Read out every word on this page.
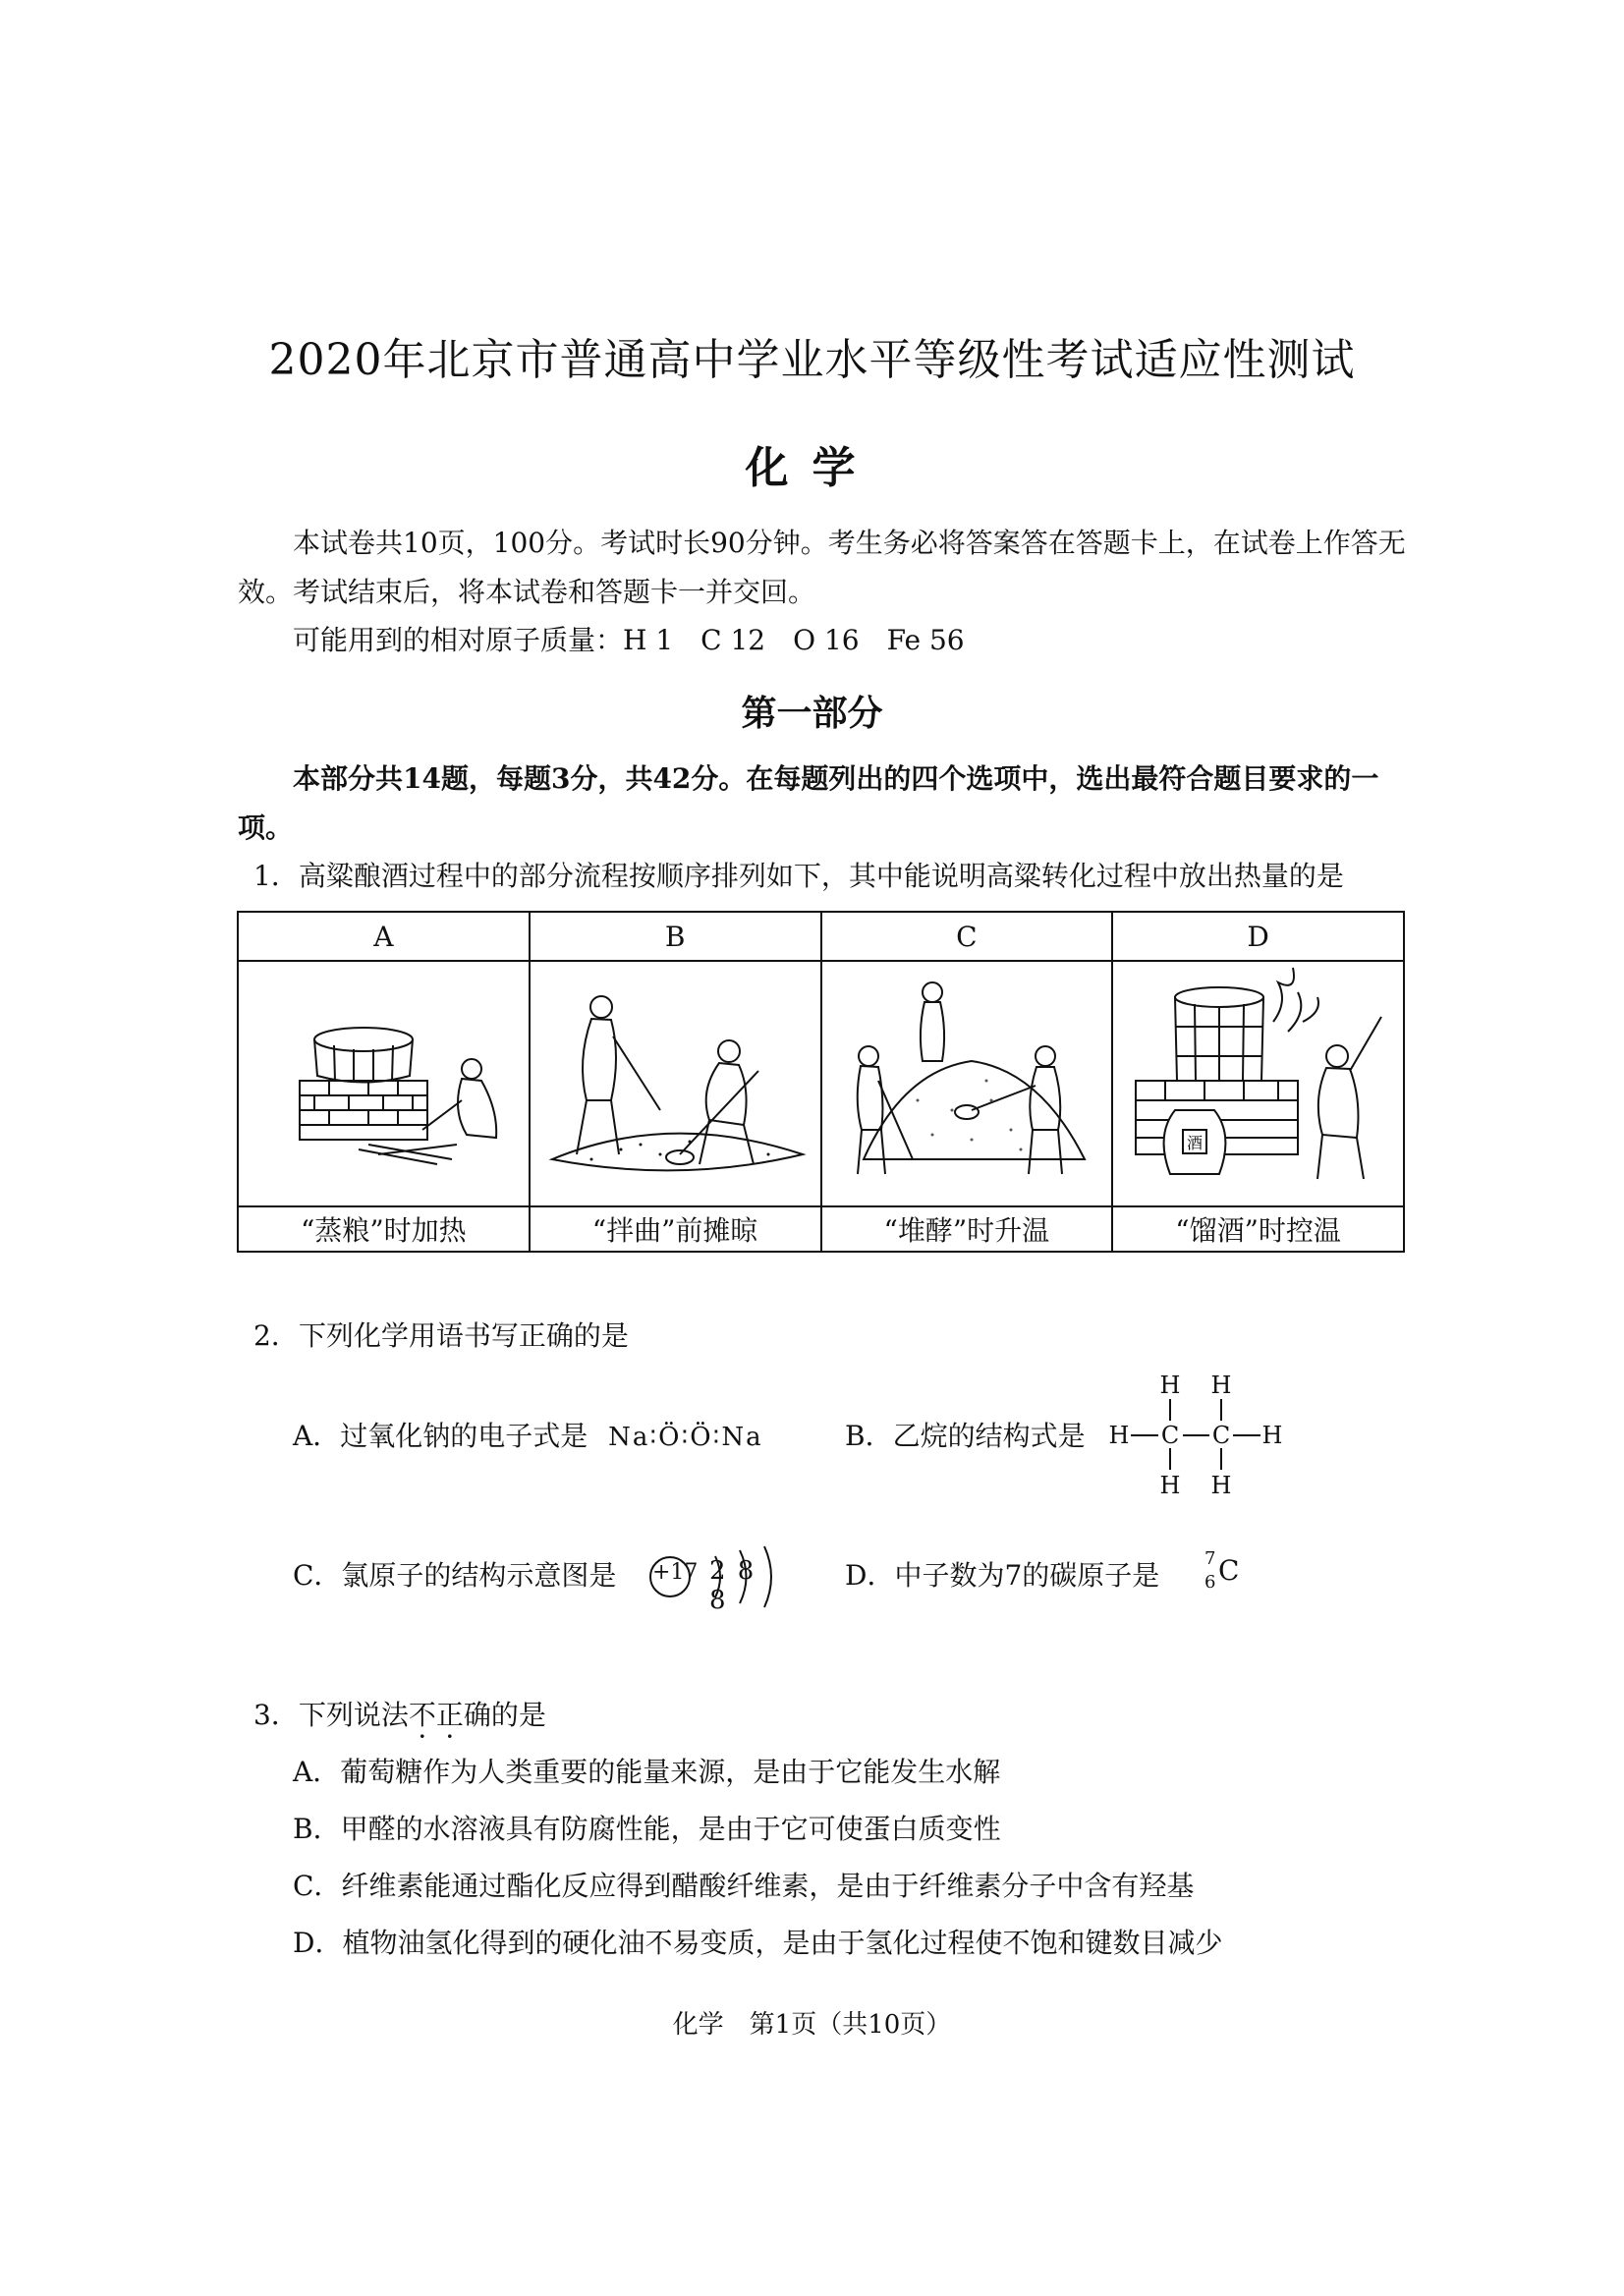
2020年北京市普通高中学业水平等级性考试适应性测试
化学
本试卷共10页，100分。考试时长90分钟。考生务必将答案答在答题卡上，在试卷上作答无效。考试结束后，将本试卷和答题卡一并交回。
可能用到的相对原子质量：H 1　C 12　O 16　Fe 56
第一部分
本部分共14题，每题3分，共42分。在每题列出的四个选项中，选出最符合题目要求的一项。
1．高粱酿酒过程中的部分流程按顺序排列如下，其中能说明高粱转化过程中放出热量的是
A	B	C	D

酒

“蒸粮”时加热	“拌曲”前摊晾	“堆酵”时升温	“馏酒”时控温
2．下列化学用语书写正确的是
A．过氧化钠的电子式是 Na∶Ö∶Ö∶Na	B．乙烷的结构式是
H H
H C C H
H H
C．氯原子的结构示意图是 +17 2 8 8
D．中子数为7的碳原子是
7
6 C
3．下列说法不正确的是
A．葡萄糖作为人类重要的能量来源，是由于它能发生水解
B．甲醛的水溶液具有防腐性能，是由于它可使蛋白质变性
C．纤维素能通过酯化反应得到醋酸纤维素，是由于纤维素分子中含有羟基
D．植物油氢化得到的硬化油不易变质，是由于氢化过程使不饱和键数目减少
化学　第1页（共10页）
